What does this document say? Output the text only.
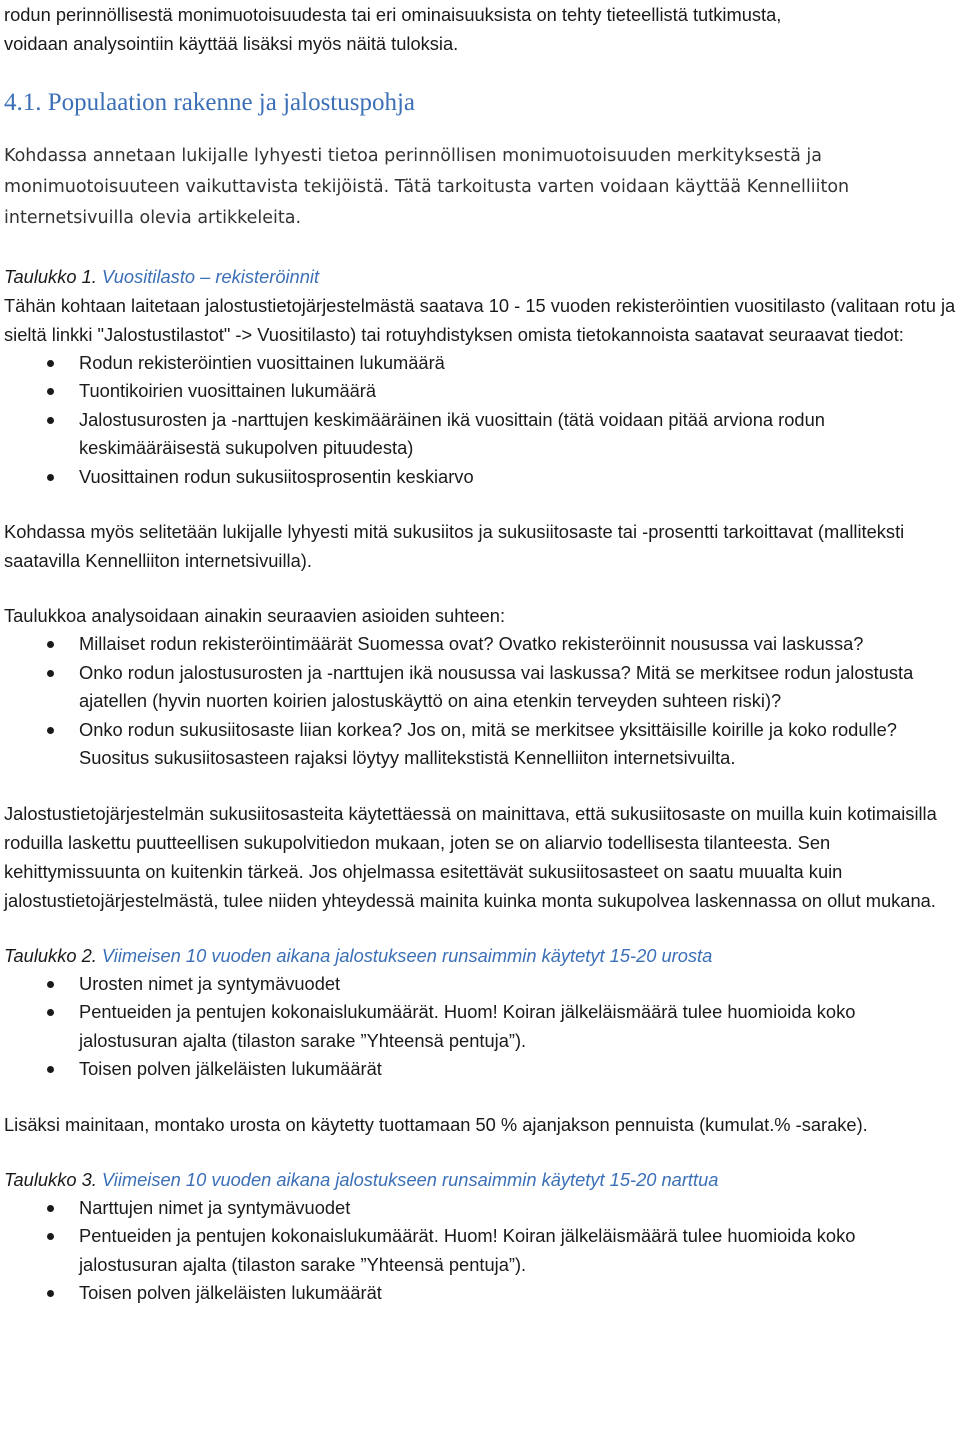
rodun perinnöllisestä monimuotoisuudesta tai eri ominaisuuksista on tehty tieteellistä tutkimusta,

voidaan analysointiin käyttää lisäksi myös näitä tuloksia.

4.1. Populaation rakenne ja jalostuspohja

Kohdassa annetaan lukijalle lyhyesti tietoa perinnöllisen monimuotoisuuden merkityksestä ja monimuotoisuuteen vaikuttavista tekijöistä. Tätä tarkoitusta varten voidaan käyttää Kennelliiton internetsivuilla olevia artikkeleita.

Taulukko 1. Vuositilasto – rekisteröinnit

Tähän kohtaan laitetaan jalostustietojärjestelmästä saatava 10 - 15 vuoden rekisteröintien vuositilasto (valitaan rotu ja sieltä linkki "Jalostustilastot" -> Vuositilasto) tai rotuyhdistyksen omista tietokannoista saatavat seuraavat tiedot:

Rodun rekisteröintien vuosittainen lukumäärä
Tuontikoirien vuosittainen lukumäärä
Jalostusurosten ja -narttujen keskimääräinen ikä vuosittain (tätä voidaan pitää arviona rodun keskimääräisestä sukupolven pituudesta)
Vuosittainen rodun sukusiitosprosentin keskiarvo

Kohdassa myös selitetään lukijalle lyhyesti mitä sukusiitos ja sukusiitosaste tai -prosentti tarkoittavat (malliteksti saatavilla Kennelliiton internetsivuilla).

Taulukkoa analysoidaan ainakin seuraavien asioiden suhteen:

Millaiset rodun rekisteröintimäärät Suomessa ovat? Ovatko rekisteröinnit nousussa vai laskussa?
Onko rodun jalostusurosten ja -narttujen ikä nousussa vai laskussa? Mitä se merkitsee rodun jalostusta ajatellen (hyvin nuorten koirien jalostuskäyttö on aina etenkin terveyden suhteen riski)?
Onko rodun sukusiitosaste liian korkea? Jos on, mitä se merkitsee yksittäisille koirille ja koko rodulle? Suositus sukusiitosasteen rajaksi löytyy mallitekstistä Kennelliiton internetsivuilta.

Jalostustietojärjestelmän sukusiitosasteita käytettäessä on mainittava, että sukusiitosaste on muilla kuin kotimaisilla roduilla laskettu puutteellisen sukupolvitiedon mukaan, joten se on aliarvio todellisesta tilanteesta. Sen kehittymissuunta on kuitenkin tärkeä. Jos ohjelmassa esitettävät sukusiitosasteet on saatu muualta kuin jalostustietojärjestelmästä, tulee niiden yhteydessä mainita kuinka monta sukupolvea laskennassa on ollut mukana.

Taulukko 2. Viimeisen 10 vuoden aikana jalostukseen runsaimmin käytetyt 15-20 urosta

Urosten nimet ja syntymävuodet
Pentueiden ja pentujen kokonaislukumäärät. Huom! Koiran jälkeläismäärä tulee huomioida koko jalostusuran ajalta (tilaston sarake ”Yhteensä pentuja”).
Toisen polven jälkeläisten lukumäärät

Lisäksi mainitaan, montako urosta on käytetty tuottamaan 50 % ajanjakson pennuista (kumulat.% -sarake).

Taulukko 3. Viimeisen 10 vuoden aikana jalostukseen runsaimmin käytetyt 15-20 narttua

Narttujen nimet ja syntymävuodet
Pentueiden ja pentujen kokonaislukumäärät. Huom! Koiran jälkeläismäärä tulee huomioida koko jalostusuran ajalta (tilaston sarake ”Yhteensä pentuja”).
Toisen polven jälkeläisten lukumäärät
